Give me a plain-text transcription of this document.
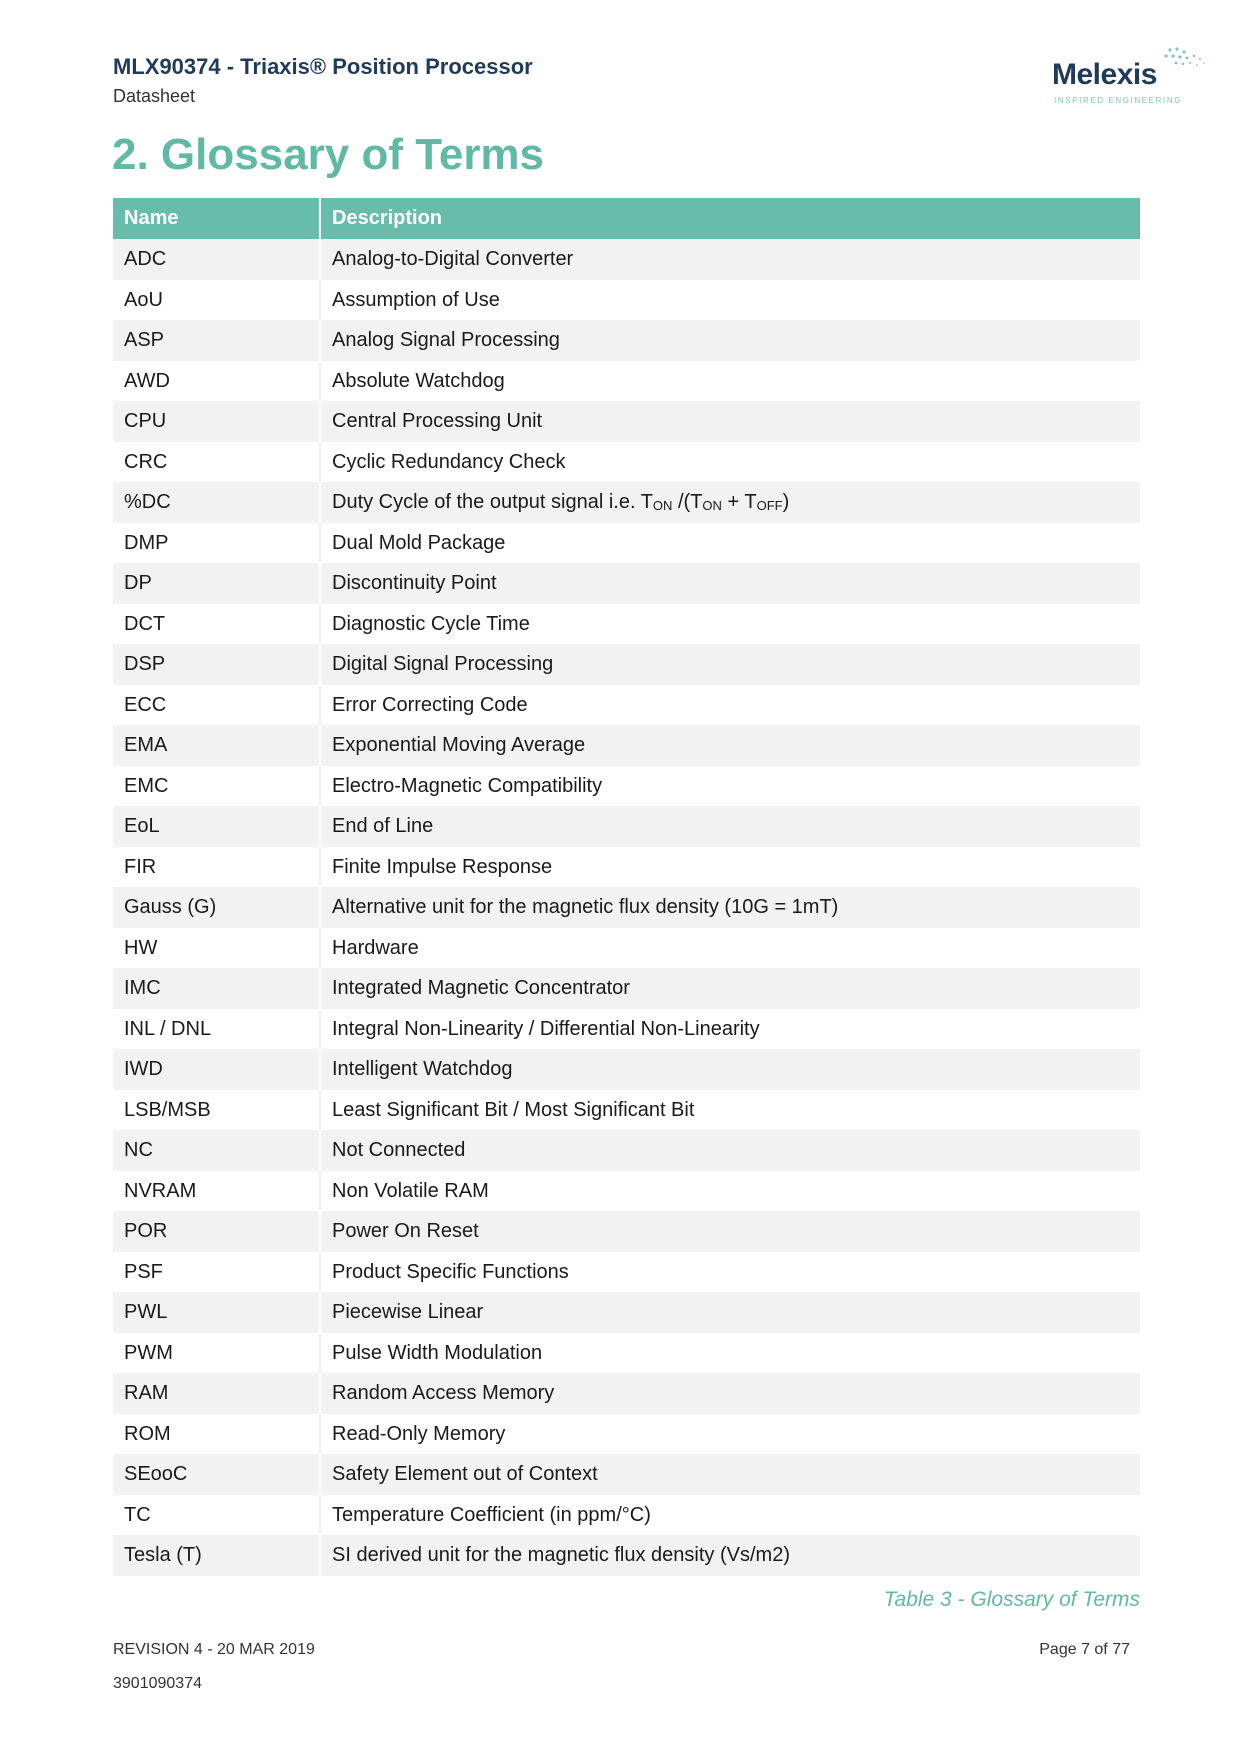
MLX90374 - Triaxis® Position Processor
Datasheet
Melexis
INSPIRED ENGINEERING
2. Glossary of Terms
Name	Description
ADC	Analog-to-Digital Converter
AoU	Assumption of Use
ASP	Analog Signal Processing
AWD	Absolute Watchdog
CPU	Central Processing Unit
CRC	Cyclic Redundancy Check
%DC	Duty Cycle of the output signal i.e. TON /(TON + TOFF)
DMP	Dual Mold Package
DP	Discontinuity Point
DCT	Diagnostic Cycle Time
DSP	Digital Signal Processing
ECC	Error Correcting Code
EMA	Exponential Moving Average
EMC	Electro-Magnetic Compatibility
EoL	End of Line
FIR	Finite Impulse Response
Gauss (G)	Alternative unit for the magnetic flux density (10G = 1mT)
HW	Hardware
IMC	Integrated Magnetic Concentrator
INL / DNL	Integral Non-Linearity / Differential Non-Linearity
IWD	Intelligent Watchdog
LSB/MSB	Least Significant Bit / Most Significant Bit
NC	Not Connected
NVRAM	Non Volatile RAM
POR	Power On Reset
PSF	Product Specific Functions
PWL	Piecewise Linear
PWM	Pulse Width Modulation
RAM	Random Access Memory
ROM	Read-Only Memory
SEooC	Safety Element out of Context
TC	Temperature Coefficient (in ppm/°C)
Tesla (T)	SI derived unit for the magnetic flux density (Vs/m2)
Table 3 - Glossary of Terms
REVISION 4 - 20 MAR 2019	Page 7 of 77
3901090374
